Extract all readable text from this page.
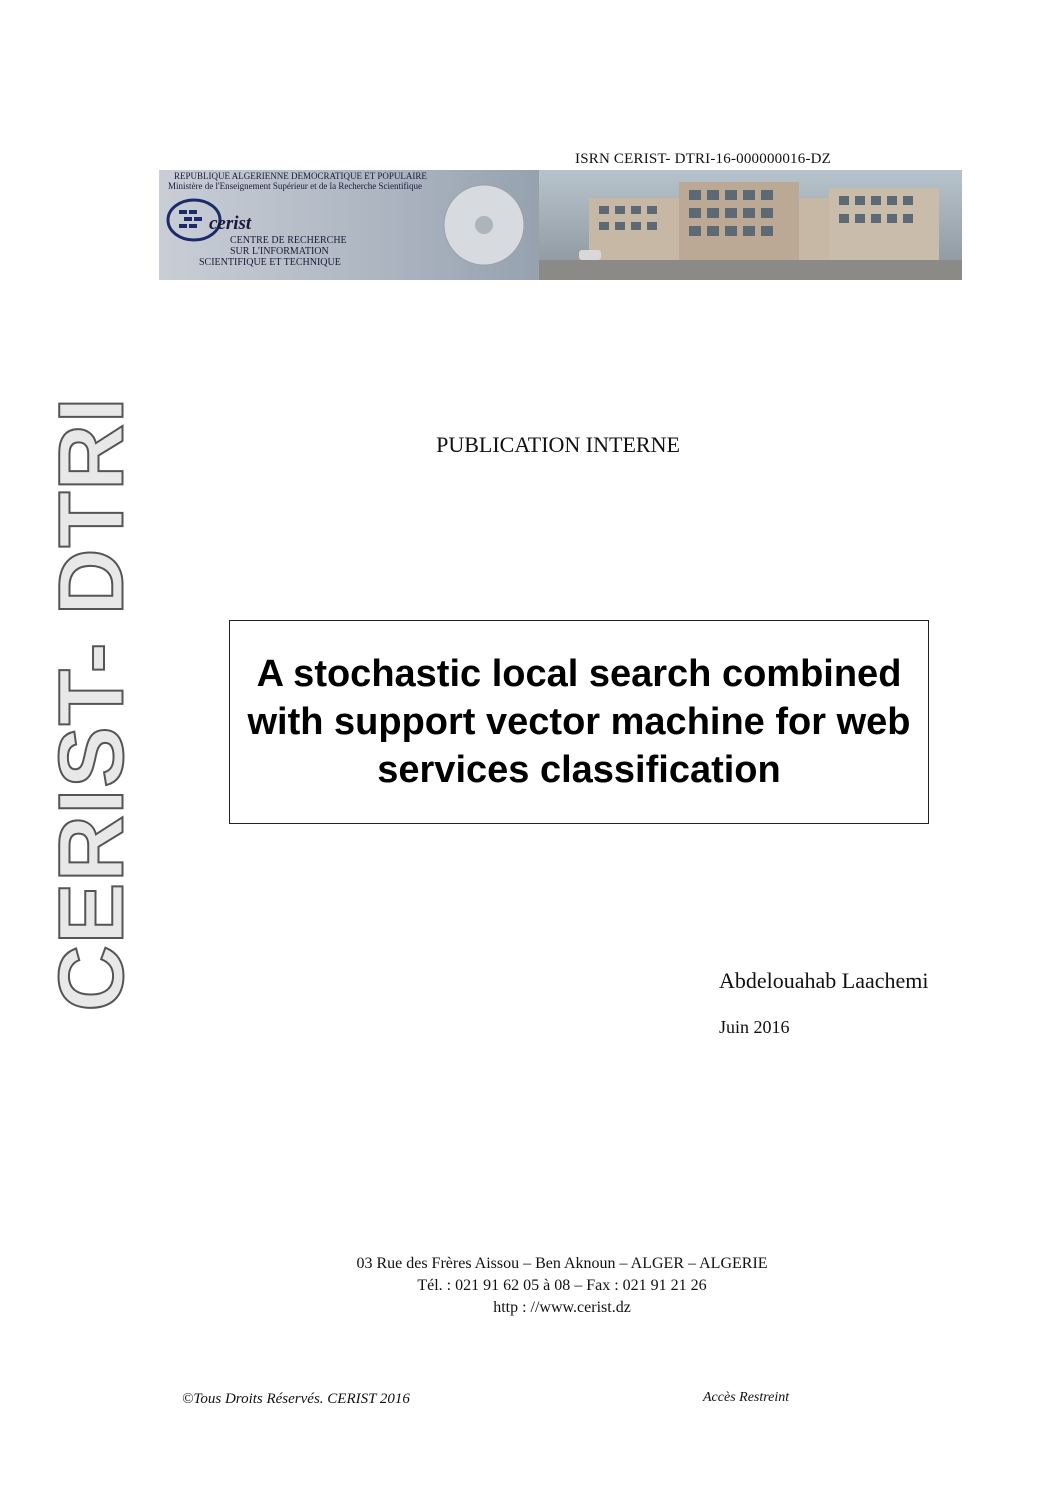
ISRN CERIST- DTRI-16-000000016-DZ
REPUBLIQUE ALGERIENNE DEMOCRATIQUE ET POPULAIRE
Ministère de l'Enseignement Supérieur et de la Recherche Scientifique
cerist
CENTRE DE RECHERCHE
SUR L'INFORMATION
SCIENTIFIQUE ET TECHNIQUE
CERIST- DTRI	PUBLICATION INTERNE
A stochastic local search combined with support vector machine for web services classification
Abdelouahab Laachemi
Juin 2016
03 Rue des Frères Aissou – Ben Aknoun – ALGER – ALGERIE
Tél. : 021 91 62 05 à 08 – Fax : 021 91 21 26
http : //www.cerist.dz
©Tous Droits Réservés. CERIST 2016	Accès Restreint
